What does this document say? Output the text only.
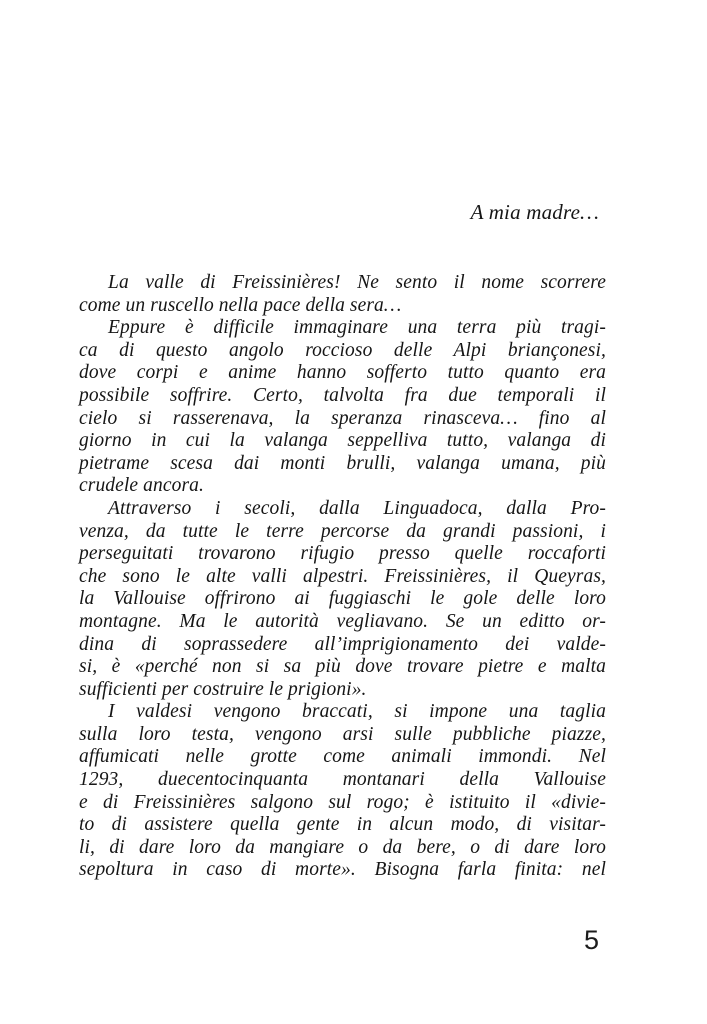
A mia madre…
La valle di Freissinières! Ne sento il nome scorrere
come un ruscello nella pace della sera…
Eppure è difficile immaginare una terra più tragi-
ca di questo angolo roccioso delle Alpi briançonesi,
dove corpi e anime hanno sofferto tutto quanto era
possibile soffrire. Certo, talvolta fra due temporali il
cielo si rasserenava, la speranza rinasceva… fino al
giorno in cui la valanga seppelliva tutto, valanga di
pietrame scesa dai monti brulli, valanga umana, più
crudele ancora.
Attraverso i secoli, dalla Linguadoca, dalla Pro-
venza, da tutte le terre percorse da grandi passioni, i
perseguitati trovarono rifugio presso quelle roccaforti
che sono le alte valli alpestri. Freissinières, il Queyras,
la Vallouise offrirono ai fuggiaschi le gole delle loro
montagne. Ma le autorità vegliavano. Se un editto or-
dina di soprassedere all’imprigionamento dei valde-
si, è «perché non si sa più dove trovare pietre e malta
sufficienti per costruire le prigioni».
I valdesi vengono braccati, si impone una taglia
sulla loro testa, vengono arsi sulle pubbliche piazze,
affumicati nelle grotte come animali immondi. Nel
1293, duecentocinquanta montanari della Vallouise
e di Freissinières salgono sul rogo; è istituito il «divie-
to di assistere quella gente in alcun modo, di visitar-
li, di dare loro da mangiare o da bere, o di dare loro
sepoltura in caso di morte». Bisogna farla finita: nel
5
